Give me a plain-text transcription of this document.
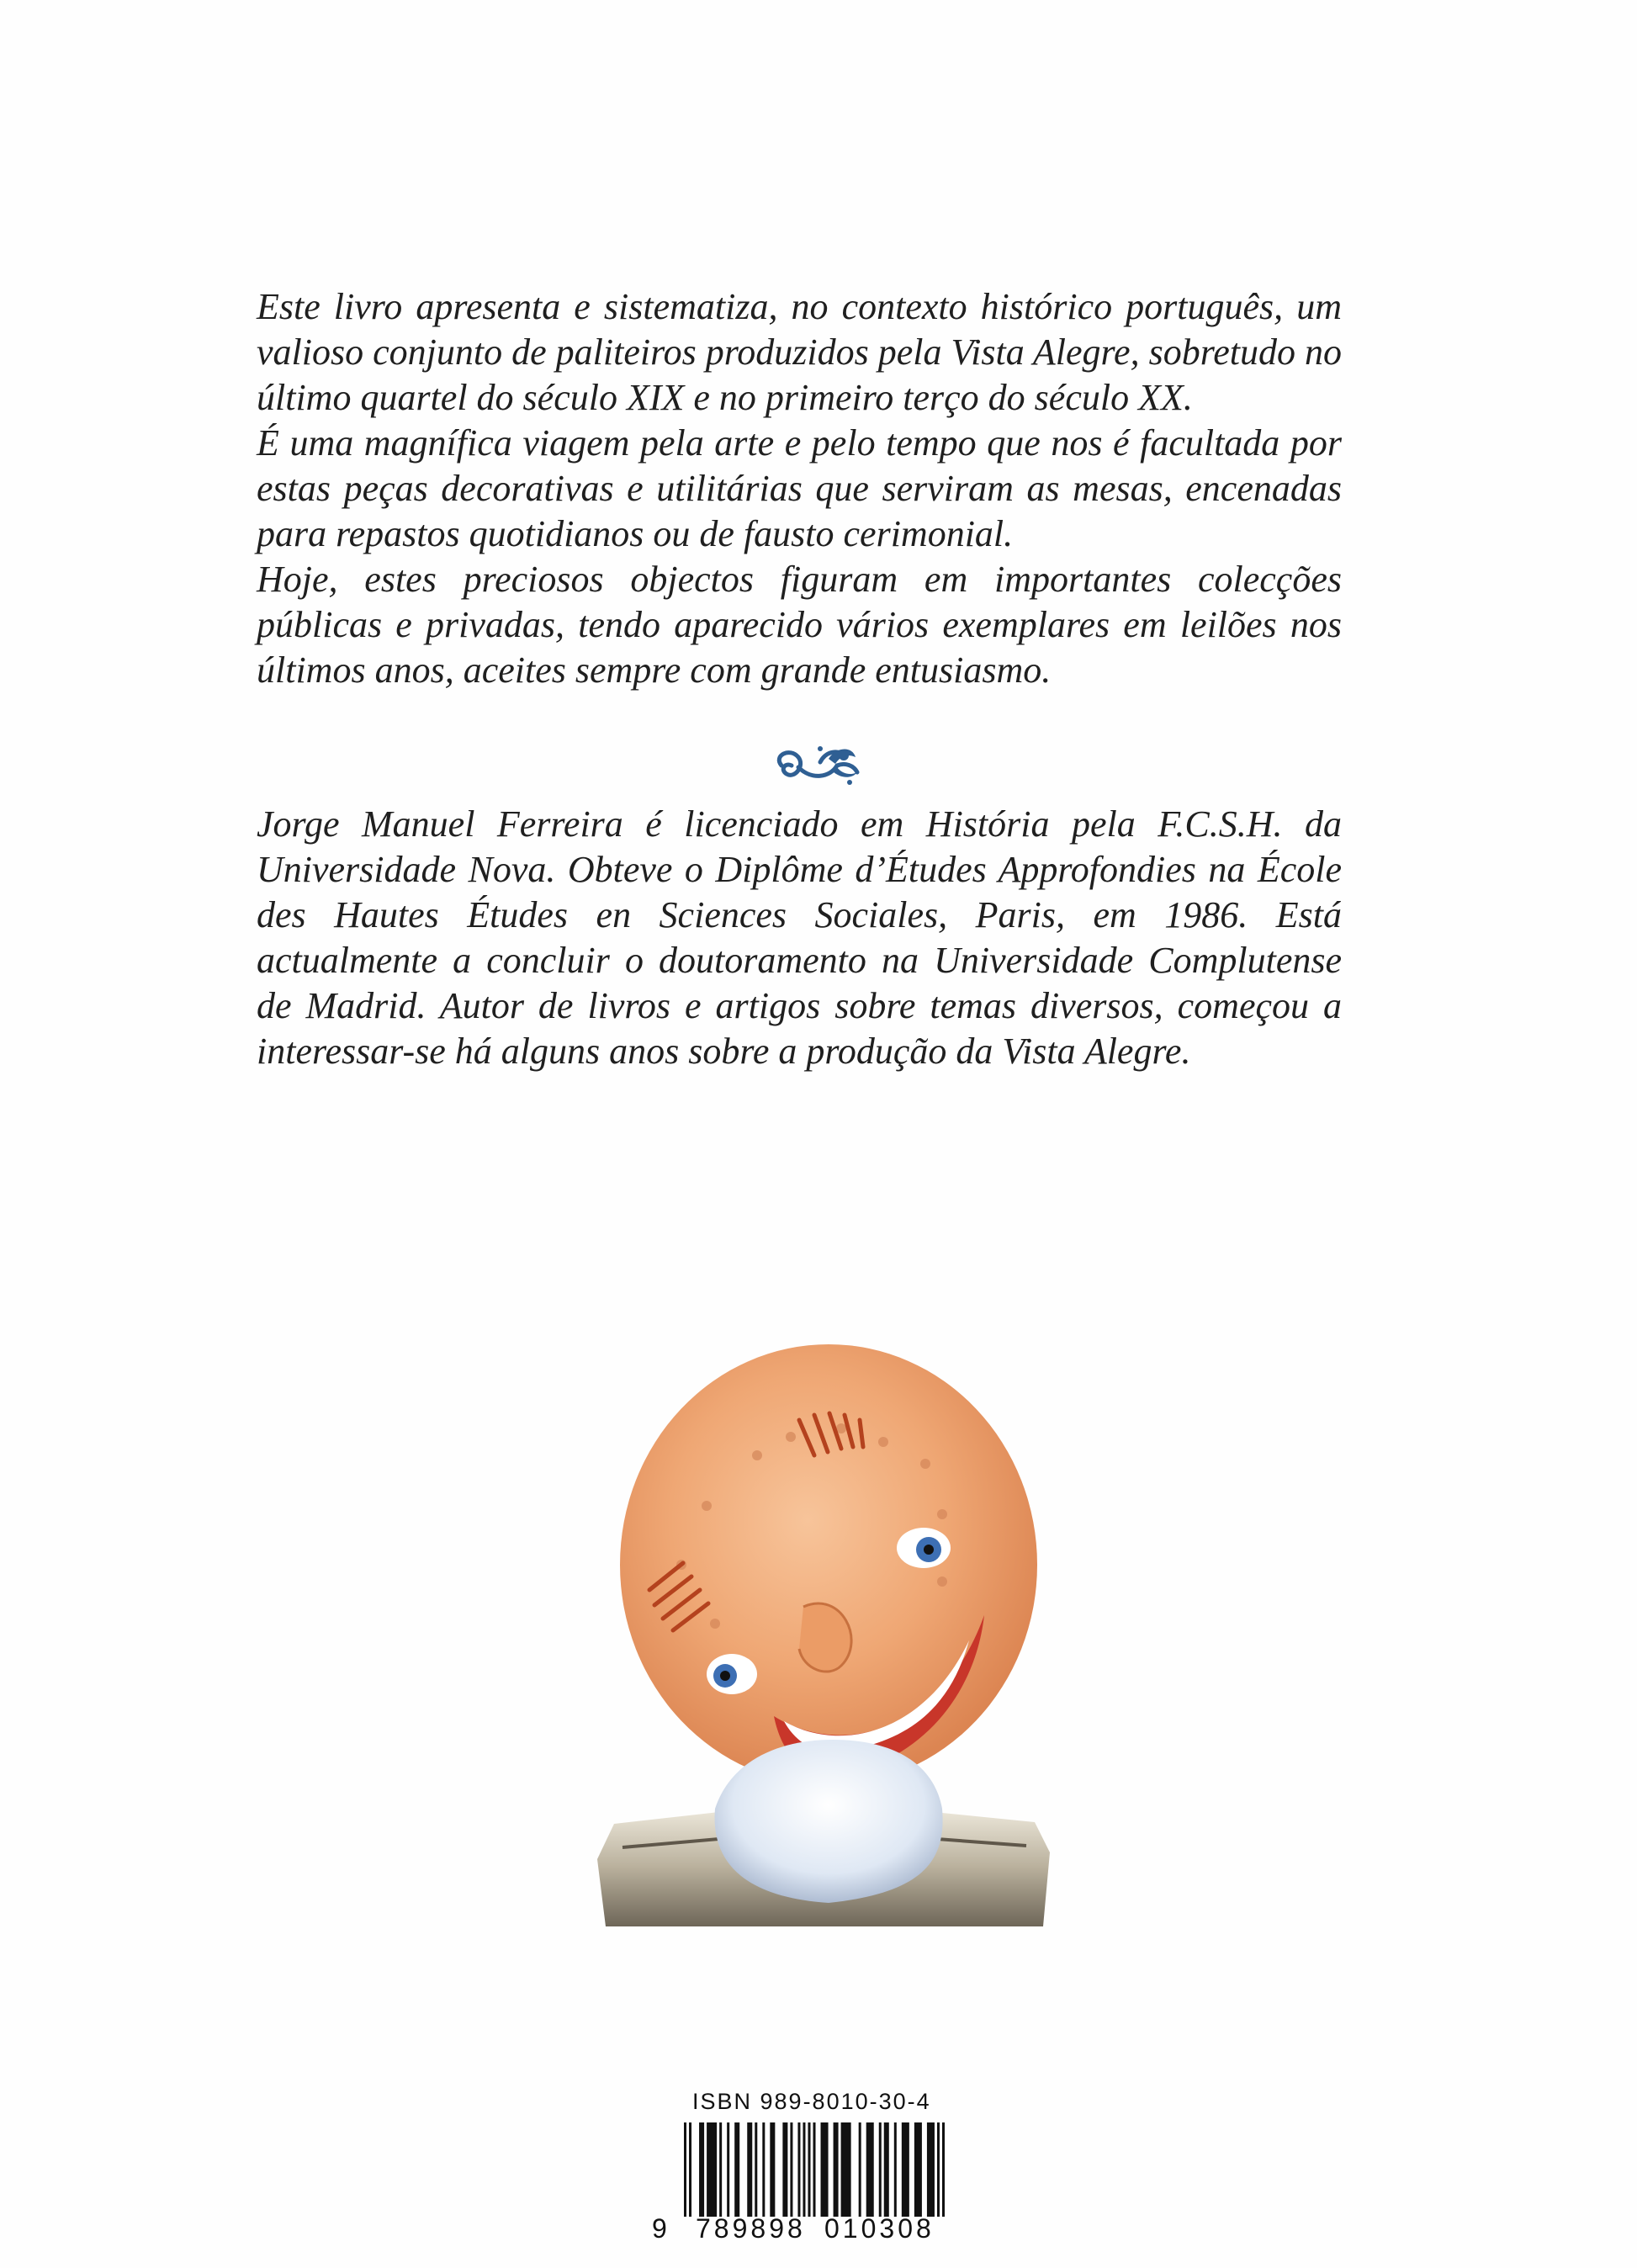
Este livro apresenta e sistematiza, no contexto histórico português, um valioso conjunto de paliteiros produzidos pela Vista Alegre, sobretudo no último quartel do século XIX e no primeiro terço do século XX.

É uma magnífica viagem pela arte e pelo tempo que nos é facultada por estas peças decorativas e utilitárias que serviram as mesas, encenadas para repastos quotidianos ou de fausto cerimonial.

Hoje, estes preciosos objectos figuram em importantes colecções públicas e privadas, tendo aparecido vários exemplares em leilões nos últimos anos, aceites sempre com grande entusiasmo.

Jorge Manuel Ferreira é licenciado em História pela F.C.S.H. da Universidade Nova. Obteve o Diplôme d’Études Approfondies na École des Hautes Études en Sciences Sociales, Paris, em 1986. Está actualmente a concluir o doutoramento na Universidade Complutense de Madrid. Autor de livros e artigos sobre temas diversos, começou a interessar-se há alguns anos sobre a produção da Vista Alegre.

ISBN 989-8010-30-4
9 789898 010308
